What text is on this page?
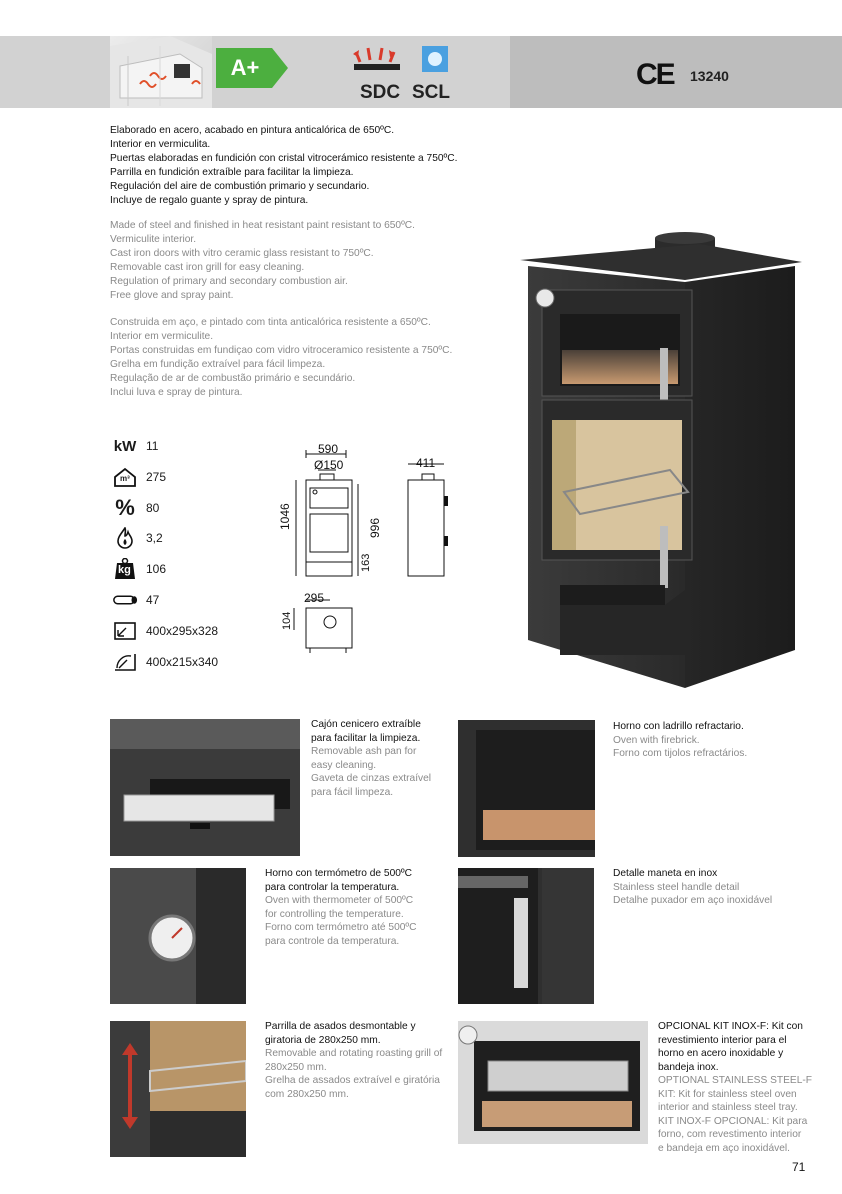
A+
SDC SCL
CE 13240
Elaborado en acero, acabado en pintura anticalórica de 650ºC.
Interior en vermiculita.
Puertas elaboradas en fundición con cristal vitrocerámico resistente a 750ºC.
Parrilla en fundición extraíble para facilitar la limpieza.
Regulación del aire de combustión primario y secundario.
Incluye de regalo guante y spray de pintura.
Made of steel and finished in heat resistant paint resistant to 650ºC.
Vermiculite interior.
Cast iron doors with vitro ceramic glass resistant to 750ºC.
Removable cast iron grill for easy cleaning.
Regulation of primary and secondary combustion air.
Free glove and spray paint.
Construida em aço, e pintado com tinta anticalórica resistente a 650ºC.
Interior em vermiculite.
Portas construidas em fundiçao com vidro vitroceramico resistente a 750ºC.
Grelha em fundição extraível para fácil limpeza.
Regulação de ar de combustão primário e secundário.
Inclui luva e spray de pintura.
kW 11
m³ 275
% 80
3,2
kg 106
47
400x295x328
400x215x340
590
Ø150	411
1046	996
163
295
104
Cajón cenicero extraíble
para facilitar la limpieza.
Removable ash pan for
easy cleaning.
Gaveta de cinzas extraível
para fácil limpeza.
Horno con ladrillo refractario.
Oven with firebrick.
Forno com tijolos refractários.
Horno con termómetro de 500ºC
para controlar la temperatura.
Oven with thermometer of 500ºC
for controlling the temperature.
Forno com termómetro até 500ºC
para controle da temperatura.
Detalle maneta en inox
Stainless steel handle detail
Detalhe puxador em aço inoxidável
Parrilla de asados desmontable y
giratoria de 280x250 mm.
Removable and rotating roasting grill of
280x250 mm.
Grelha de assados extraível e giratória
com 280x250 mm.
OPCIONAL KIT INOX-F: Kit con
revestimiento interior para el
horno en acero inoxidable y
bandeja inox.
OPTIONAL STAINLESS STEEL-F
KIT: Kit for stainless steel oven
interior and stainless steel tray.
KIT INOX-F OPCIONAL: Kit para
forno, com revestimento interior
e bandeja em aço inoxidável.
71
